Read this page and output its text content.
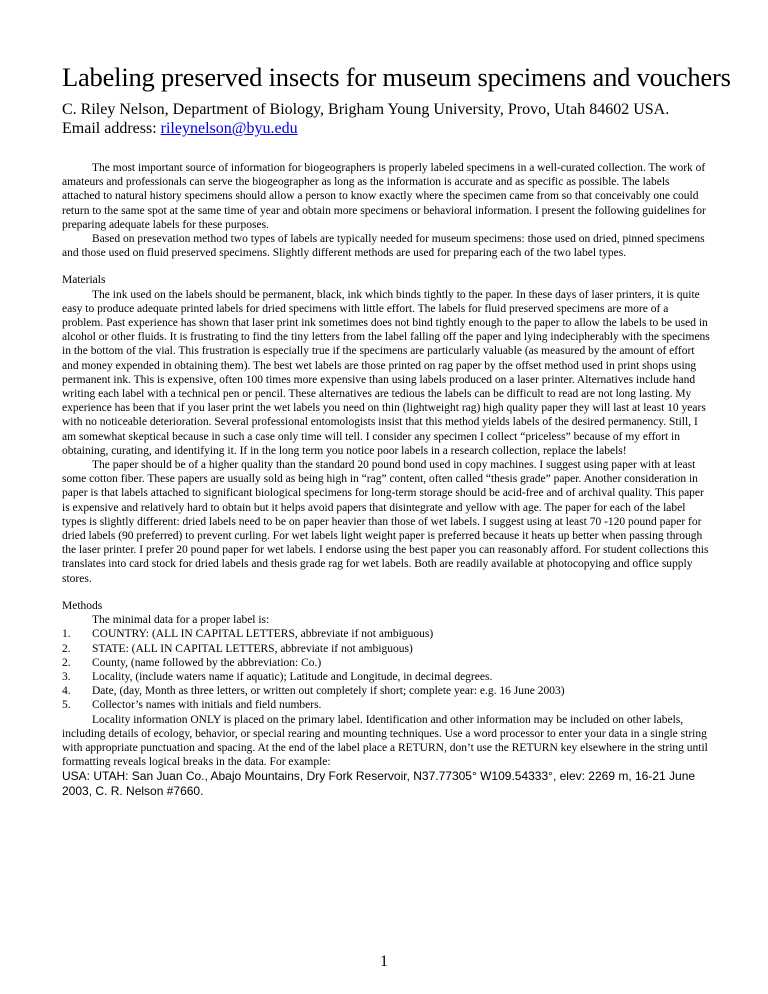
Labeling preserved insects for museum specimens and vouchers

C. Riley Nelson, Department of Biology, Brigham Young University, Provo, Utah 84602 USA.

Email address: rileynelson@byu.edu

The most important source of information for biogeographers is properly labeled specimens in a well-curated collection. The work of amateurs and professionals can serve the biogeographer as long as the information is accurate and as specific as possible. The labels attached to natural history specimens should allow a person to know exactly where the specimen came from so that conceivably one could return to the same spot at the same time of year and obtain more specimens or behavioral information. I present the following guidelines for preparing adequate labels for these purposes.

Based on presevation method two types of labels are typically needed for museum specimens: those used on dried, pinned specimens and those used on fluid preserved specimens. Slightly different methods are used for preparing each of the two label types.

Materials

The ink used on the labels should be permanent, black, ink which binds tightly to the paper. In these days of laser printers, it is quite easy to produce adequate printed labels for dried specimens with little effort. The labels for fluid preserved specimens are more of a problem. Past experience has shown that laser print ink sometimes does not bind tightly enough to the paper to allow the labels to be used in alcohol or other fluids. It is frustrating to find the tiny letters from the label falling off the paper and lying indecipherably with the specimens in the bottom of the vial. This frustration is especially true if the specimens are particularly valuable (as measured by the amount of effort and money expended in obtaining them). The best wet labels are those printed on rag paper by the offset method used in print shops using permanent ink. This is expensive, often 100 times more expensive than using labels produced on a laser printer. Alternatives include hand writing each label with a technical pen or pencil. These alternatives are tedious the labels can be difficult to read are not long lasting. My experience has been that if you laser print the wet labels you need on thin (lightweight rag) high quality paper they will last at least 10 years with no noticeable deterioration. Several professional entomologists insist that this method yields labels of the desired permanency. Still, I am somewhat skeptical because in such a case only time will tell. I consider any specimen I collect “priceless” because of my effort in obtaining, curating, and identifying it. If in the long term you notice poor labels in a research collection, replace the labels!

The paper should be of a higher quality than the standard 20 pound bond used in copy machines. I suggest using paper with at least some cotton fiber. These papers are usually sold as being high in “rag” content, often called “thesis grade” paper. Another consideration in paper is that labels attached to significant biological specimens for long-term storage should be acid-free and of archival quality. This paper is expensive and relatively hard to obtain but it helps avoid papers that disintegrate and yellow with age. The paper for each of the label types is slightly different: dried labels need to be on paper heavier than those of wet labels. I suggest using at least 70 -120 pound paper for dried labels (90 preferred) to prevent curling. For wet labels light weight paper is preferred because it heats up better when passing through the laser printer. I prefer 20 pound paper for wet labels. I endorse using the best paper you can reasonably afford. For student collections this translates into card stock for dried labels and thesis grade rag for wet labels. Both are readily available at photocopying and office supply stores.

Methods

The minimal data for a proper label is:

1. COUNTRY: (ALL IN CAPITAL LETTERS, abbreviate if not ambiguous)
2. STATE: (ALL IN CAPITAL LETTERS, abbreviate if not ambiguous)
2. County, (name followed by the abbreviation: Co.)
3. Locality, (include waters name if aquatic); Latitude and Longitude, in decimal degrees.
4. Date, (day, Month as three letters, or written out completely if short; complete year: e.g. 16 June 2003)
5. Collector’s names with initials and field numbers.

Locality information ONLY is placed on the primary label. Identification and other information may be included on other labels, including details of ecology, behavior, or special rearing and mounting techniques. Use a word processor to enter your data in a single string with appropriate punctuation and spacing. At the end of the label place a RETURN, don’t use the RETURN key elsewhere in the string until formatting reveals logical breaks in the data. For example:

USA: UTAH: San Juan Co., Abajo Mountains, Dry Fork Reservoir, N37.77305° W109.54333°, elev: 2269 m, 16-21 June 2003, C. R. Nelson #7660.

1
